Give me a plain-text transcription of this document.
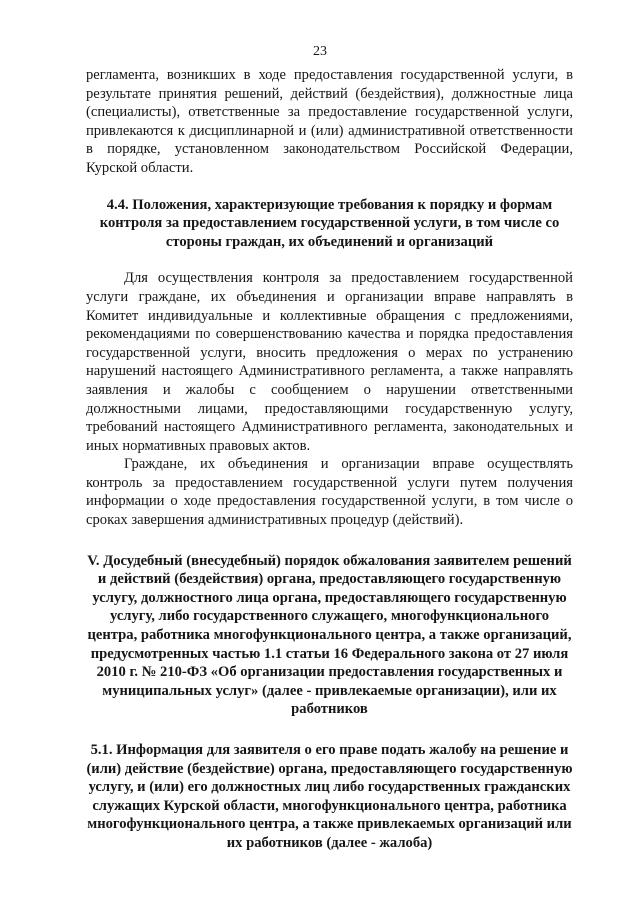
23

регламента, возникших в ходе предоставления государственной услуги, в результате принятия решений, действий (бездействия), должностные лица (специалисты), ответственные за предоставление государственной услуги, привлекаются к дисциплинарной и (или) административной ответственности в порядке, установленном законодательством Российской Федерации, Курской области.

4.4. Положения, характеризующие требования к порядку и формам контроля за предоставлением государственной услуги, в том числе со стороны граждан, их объединений и организаций

Для осуществления контроля за предоставлением государственной услуги граждане, их объединения и организации вправе направлять в Комитет индивидуальные и коллективные обращения с предложениями, рекомендациями по совершенствованию качества и порядка предоставления государственной услуги, вносить предложения о мерах по устранению нарушений настоящего Административного регламента, а также направлять заявления и жалобы с сообщением о нарушении ответственными должностными лицами, предоставляющими государственную услугу, требований настоящего Административного регламента, законодательных и иных нормативных правовых актов.

Граждане, их объединения и организации вправе осуществлять контроль за предоставлением государственной услуги путем получения информации о ходе предоставления государственной услуги, в том числе о сроках завершения административных процедур (действий).

V. Досудебный (внесудебный) порядок обжалования заявителем решений и действий (бездействия) органа, предоставляющего государственную услугу, должностного лица органа, предоставляющего государственную услугу, либо государственного служащего, многофункционального центра, работника многофункционального центра, а также организаций, предусмотренных частью 1.1 статьи 16 Федерального закона от 27 июля 2010 г. № 210-ФЗ «Об организации предоставления государственных и муниципальных услуг» (далее - привлекаемые организации), или их работников

5.1. Информация для заявителя о его праве подать жалобу на решение и (или) действие (бездействие) органа, предоставляющего государственную услугу, и (или) его должностных лиц либо государственных гражданских служащих Курской области, многофункционального центра, работника многофункционального центра, а также привлекаемых организаций или их работников (далее - жалоба)
